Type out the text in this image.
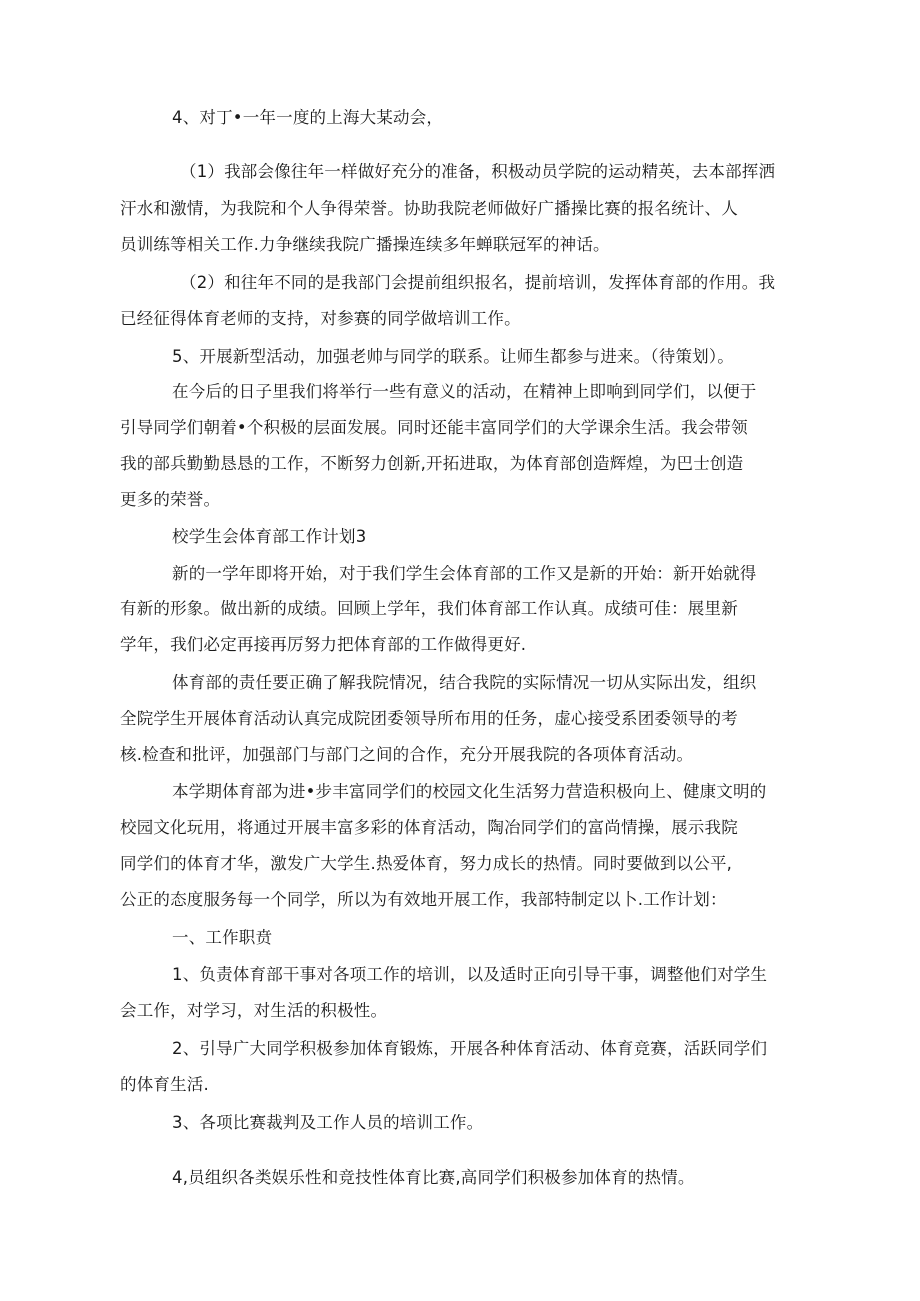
4、对丁•一年一度的上海大某动会，
（1）我部会像往年一样做好充分的准备，积极动员学院的运动精英，去本部挥洒
汗水和激情，为我院和个人争得荣誉。协助我院老师做好广播操比赛的报名统计、人
员训练等相关工作.力争继续我院广播操连续多年蝉联冠军的神话。
（2）和往年不同的是我部门会提前组织报名，提前培训，发挥体育部的作用。我
已经征得体育老师的支持，对参赛的同学做培训工作。
5、开展新型活动，加强老帅与同学的联系。让师生都参与进来。（待策划）。
在今后的日子里我们将举行一些有意义的活动，在精神上即响到同学们，以便于
引导同学们朝着•个积极的层面发展。同时还能丰富同学们的大学课余生活。我会带领
我的部兵勤勤恳恳的工作，不断努力创新,开拓进取，为体育部创造辉煌，为巴士创造
更多的荣誉。
校学生会体育部工作计划3
新的一学年即将开始，对于我们学生会体育部的工作又是新的开始：新开始就得
有新的形象。做出新的成绩。回顾上学年，我们体育部工作认真。成绩可佳：展里新
学年，我们必定再接再厉努力把体育部的工作做得更好.
体育部的责任要正确了解我院情况，结合我院的实际情况一切从实际出发，组织
全院学生开展体育活动认真完成院团委领导所布用的任务，虚心接受系团委领导的考
核.检查和批评，加强部门与部门之间的合作，充分开展我院的各项体育活动。
本学期体育部为进•步丰富同学们的校园文化生活努力营造积极向上、健康文明的
校园文化玩用，将通过开展丰富多彩的体育活动，陶冶同学们的富尚情操，展示我院
同学们的体育才华，激发广大学生.热爱体育，努力成长的热情。同时要做到以公平,
公正的态度服务每一个同学，所以为有效地开展工作，我部特制定以卜.工作计划：
一、工作职贲
1、负责体育部干事对各项工作的培训，以及适时正向引导干事，调整他们对学生
会工作，对学习，对生活的积极性。
2、引导广大同学积极参加体育锻炼，开展各种体育活动、体育竞赛，活跃同学们
的体育生活.
3、各项比赛裁判及工作人员的培训工作。
4,员组织各类娱乐性和竞技性体育比赛,高同学们积极参加体育的热情。
